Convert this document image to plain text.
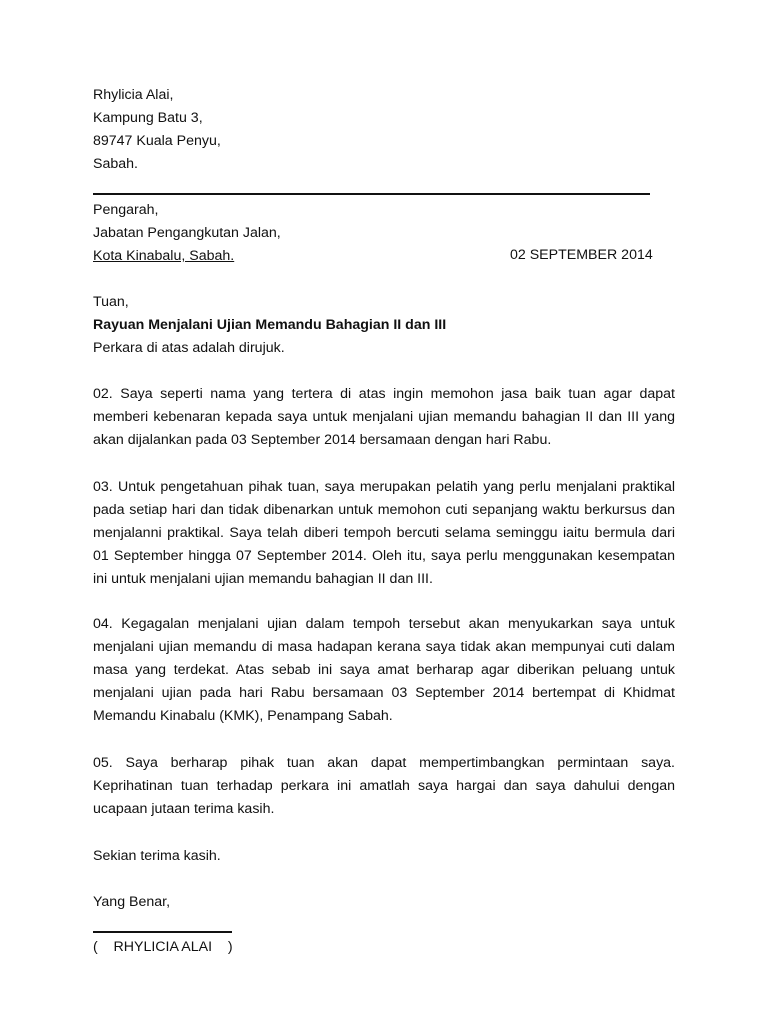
Rhylicia Alai,
Kampung Batu 3,
89747 Kuala Penyu,
Sabah.
Pengarah,
Jabatan Pengangkutan Jalan,
Kota Kinabalu, Sabah.	02 SEPTEMBER 2014
Tuan,
Rayuan Menjalani Ujian Memandu Bahagian II dan III
Perkara di atas adalah dirujuk.
02. Saya seperti nama yang tertera di atas ingin memohon jasa baik tuan agar dapat
memberi kebenaran kepada saya untuk menjalani ujian memandu bahagian II dan III yang
akan dijalankan pada 03 September 2014 bersamaan dengan hari Rabu.
03. Untuk pengetahuan pihak tuan, saya merupakan pelatih yang perlu menjalani praktikal
pada setiap hari dan tidak dibenarkan untuk memohon cuti sepanjang waktu berkursus dan
menjalanni praktikal. Saya telah diberi tempoh bercuti selama seminggu iaitu bermula dari
01 September hingga 07 September 2014. Oleh itu, saya perlu menggunakan kesempatan
ini untuk menjalani ujian memandu bahagian II dan III.
04. Kegagalan menjalani ujian dalam tempoh tersebut akan menyukarkan saya untuk
menjalani ujian memandu di masa hadapan kerana saya tidak akan mempunyai cuti dalam
masa yang terdekat. Atas sebab ini saya amat berharap agar diberikan peluang untuk
menjalani ujian pada hari Rabu bersamaan 03 September 2014 bertempat di Khidmat
Memandu Kinabalu (KMK), Penampang Sabah.
05. Saya berharap pihak tuan akan dapat mempertimbangkan permintaan saya.
Keprihatinan tuan terhadap perkara ini amatlah saya hargai dan saya dahului dengan
ucapaan jutaan terima kasih.
Sekian terima kasih.
Yang Benar,
(    RHYLICIA ALAI    )
